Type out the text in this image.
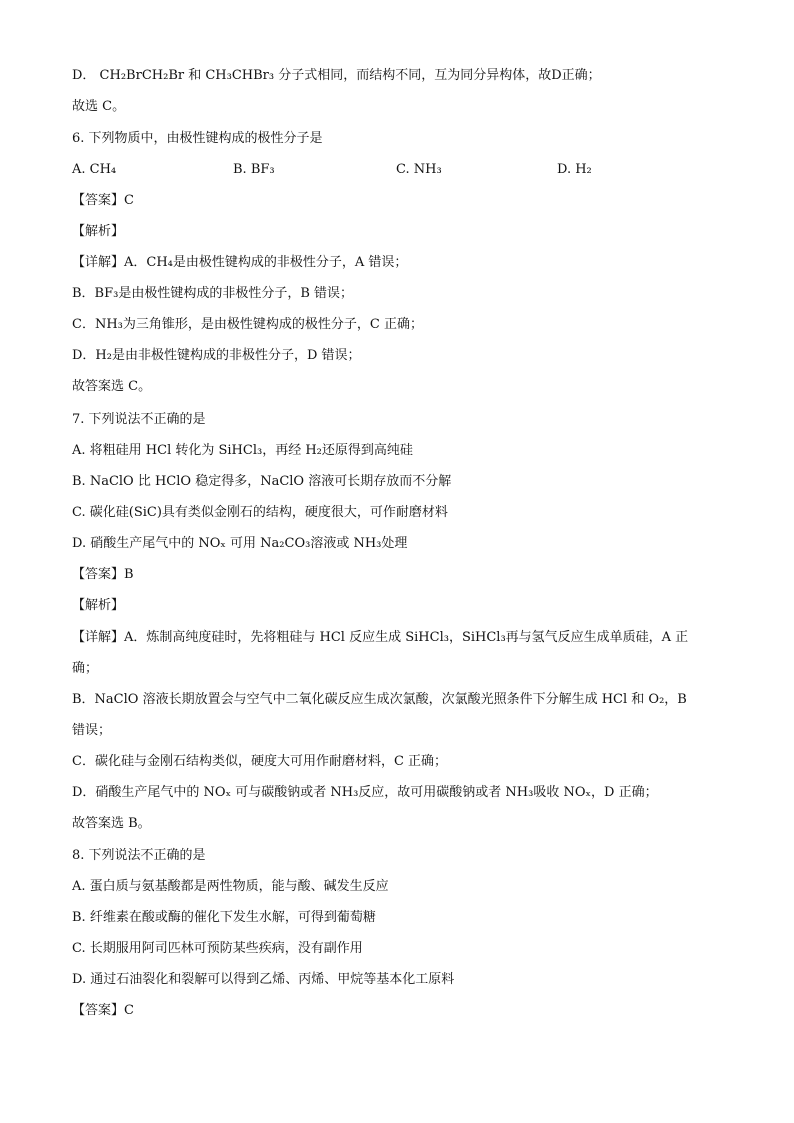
D． CH₂BrCH₂Br 和 CH₃CHBr₃ 分子式相同，而结构不同，互为同分异构体，故D正确；
故选 C。
6. 下列物质中，由极性键构成的极性分子是
A. CH₄	B. BF₃	C. NH₃	D. H₂
【答案】C
【解析】
【详解】A．CH₄是由极性键构成的非极性分子，A 错误；
B．BF₃是由极性键构成的非极性分子，B 错误；
C．NH₃为三角锥形，是由极性键构成的极性分子，C 正确；
D．H₂是由非极性键构成的非极性分子，D 错误；
故答案选 C。
7. 下列说法不正确的是
A. 将粗硅用 HCl 转化为 SiHCl₃，再经 H₂还原得到高纯硅
B. NaClO 比 HClO 稳定得多，NaClO 溶液可长期存放而不分解
C. 碳化硅(SiC)具有类似金刚石的结构，硬度很大，可作耐磨材料
D. 硝酸生产尾气中的 NOₓ 可用 Na₂CO₃溶液或 NH₃处理
【答案】B
【解析】
【详解】A．炼制高纯度硅时，先将粗硅与 HCl 反应生成 SiHCl₃，SiHCl₃再与氢气反应生成单质硅，A 正
确；
B．NaClO 溶液长期放置会与空气中二氧化碳反应生成次氯酸，次氯酸光照条件下分解生成 HCl 和 O₂，B
错误；
C．碳化硅与金刚石结构类似，硬度大可用作耐磨材料，C 正确；
D．硝酸生产尾气中的 NOₓ 可与碳酸钠或者 NH₃反应，故可用碳酸钠或者 NH₃吸收 NOₓ，D 正确；
故答案选 B。
8. 下列说法不正确的是
A. 蛋白质与氨基酸都是两性物质，能与酸、碱发生反应
B. 纤维素在酸或酶的催化下发生水解，可得到葡萄糖
C. 长期服用阿司匹林可预防某些疾病，没有副作用
D. 通过石油裂化和裂解可以得到乙烯、丙烯、甲烷等基本化工原料
【答案】C
